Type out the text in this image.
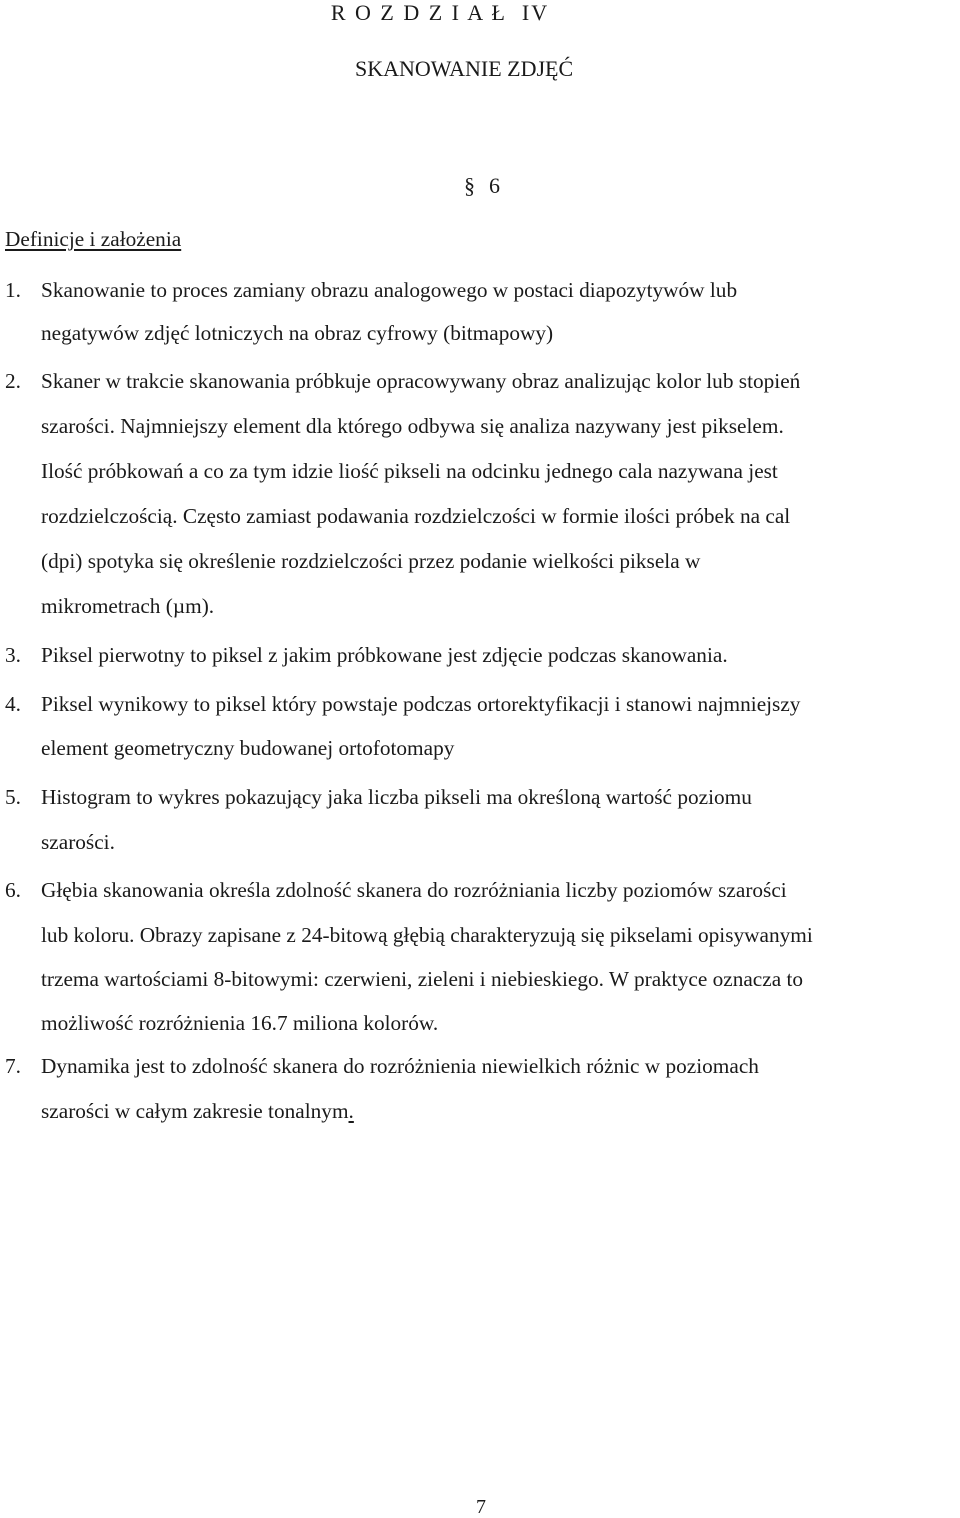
R O Z D Z I A Ł  IV
SKANOWANIE ZDJĘĆ
§ 6
Definicje i założenia
1. Skanowanie to proces zamiany obrazu analogowego w postaci diapozytywów lub
negatywów zdjęć lotniczych na obraz cyfrowy (bitmapowy)
2. Skaner w trakcie skanowania próbkuje opracowywany obraz analizując kolor lub stopień
szarości. Najmniejszy element dla którego odbywa się analiza nazywany jest pikselem.
Ilość próbkowań a co za tym idzie liość pikseli na odcinku jednego cala nazywana jest
rozdzielczością. Często zamiast podawania rozdzielczości w formie ilości próbek na cal
(dpi) spotyka się określenie rozdzielczości przez podanie wielkości piksela w
mikrometrach (µm).
3. Piksel pierwotny to piksel z jakim próbkowane jest zdjęcie podczas skanowania.
4. Piksel wynikowy to piksel który powstaje podczas ortorektyfikacji i stanowi najmniejszy
element geometryczny budowanej ortofotomapy
5. Histogram to wykres pokazujący jaka liczba pikseli ma określoną wartość poziomu
szarości.
6. Głębia skanowania określa zdolność skanera do rozróżniania liczby poziomów szarości
lub koloru. Obrazy zapisane z 24-bitową głębią charakteryzują się pikselami opisywanymi
trzema wartościami 8-bitowymi: czerwieni, zieleni i niebieskiego. W praktyce oznacza to
możliwość rozróżnienia 16.7 miliona kolorów.
7. Dynamika jest to zdolność skanera do rozróżnienia niewielkich różnic w poziomach
szarości w całym zakresie tonalnym.
7
